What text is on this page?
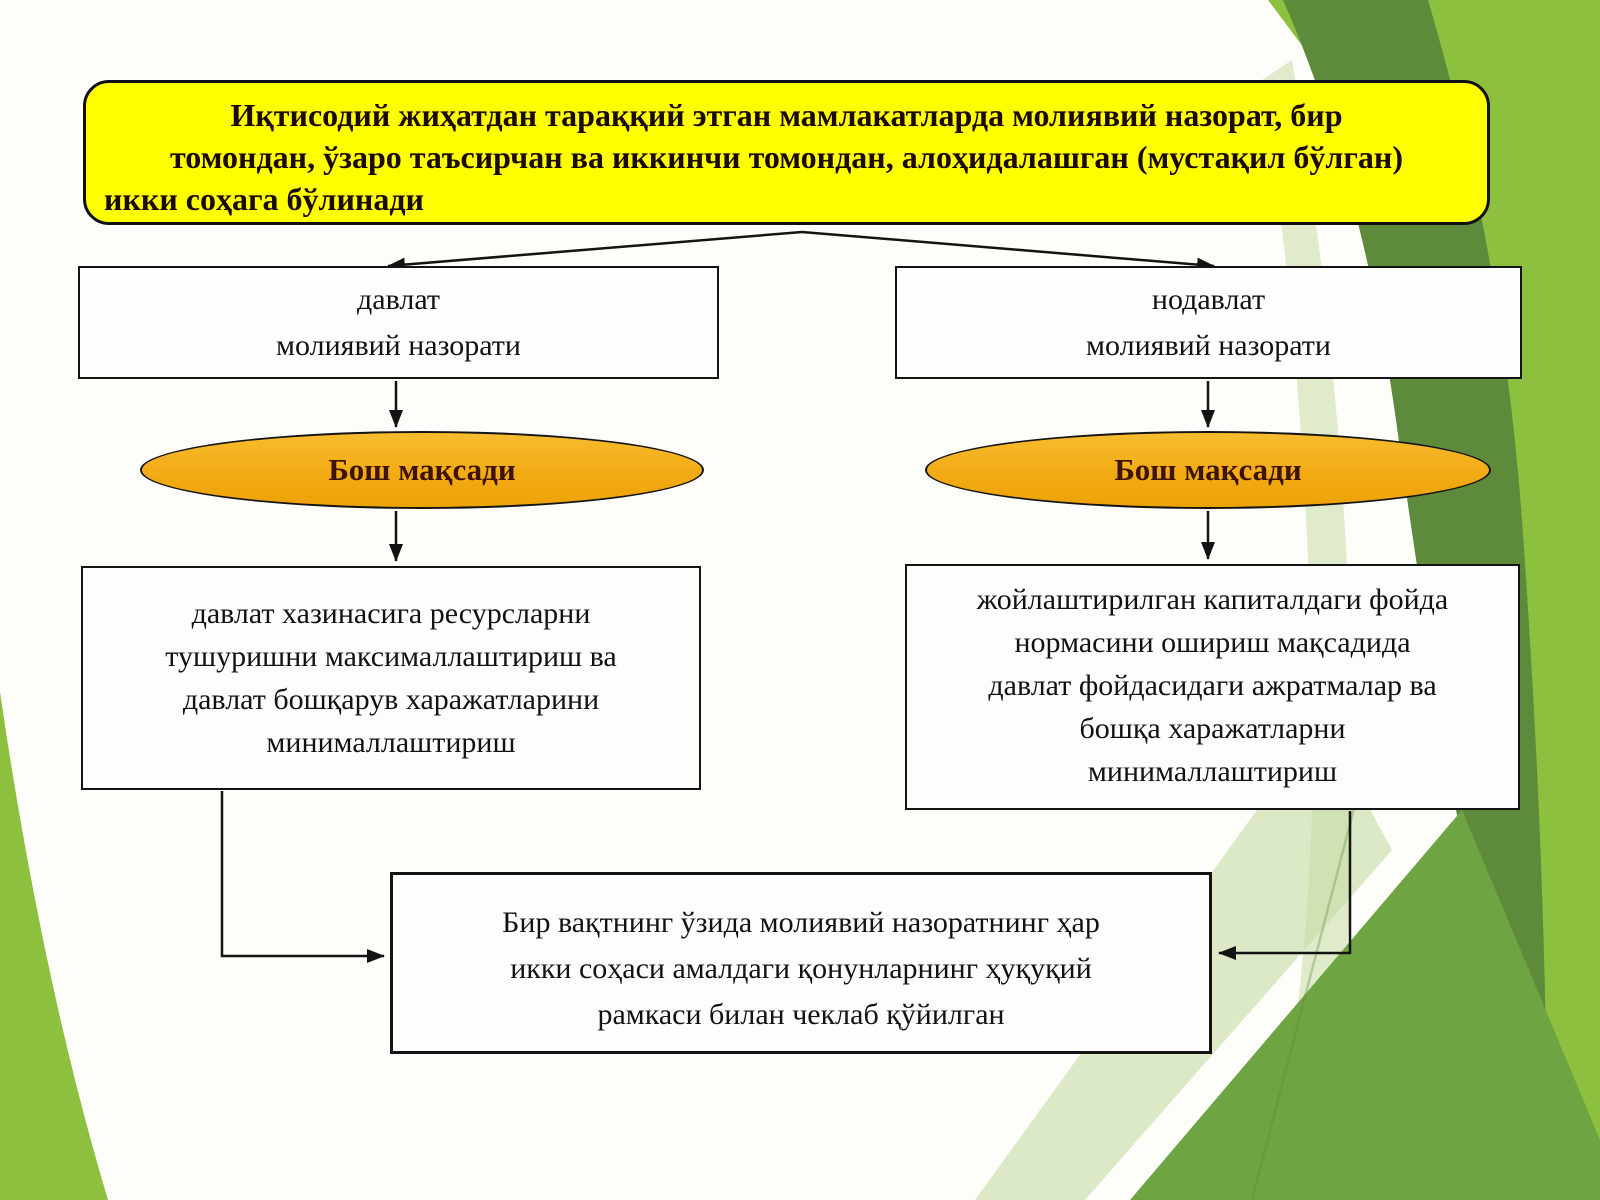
Иқтисодий жиҳатдан тараққий этган мамлакатларда молиявий назорат, бир
томондан, ўзаро таъсирчан ва иккинчи томондан, алоҳидалашган (мустақил бўлган)
икки соҳага бўлинади
давлат
молиявий назорати
нодавлат
молиявий назорати
Бош мақсади	Бош мақсади
давлат хазинасига ресурсларни
тушуришни максималлаштириш ва
давлат бошқарув харажатларини
минималлаштириш
жойлаштирилган капиталдаги фойда
нормасини ошириш мақсадида
давлат фойдасидаги ажратмалар ва
бошқа харажатларни
минималлаштириш
Бир вақтнинг ўзида молиявий назоратнинг ҳар
икки соҳаси амалдаги қонунларнинг ҳуқуқий
рамкаси билан чеклаб қўйилган
